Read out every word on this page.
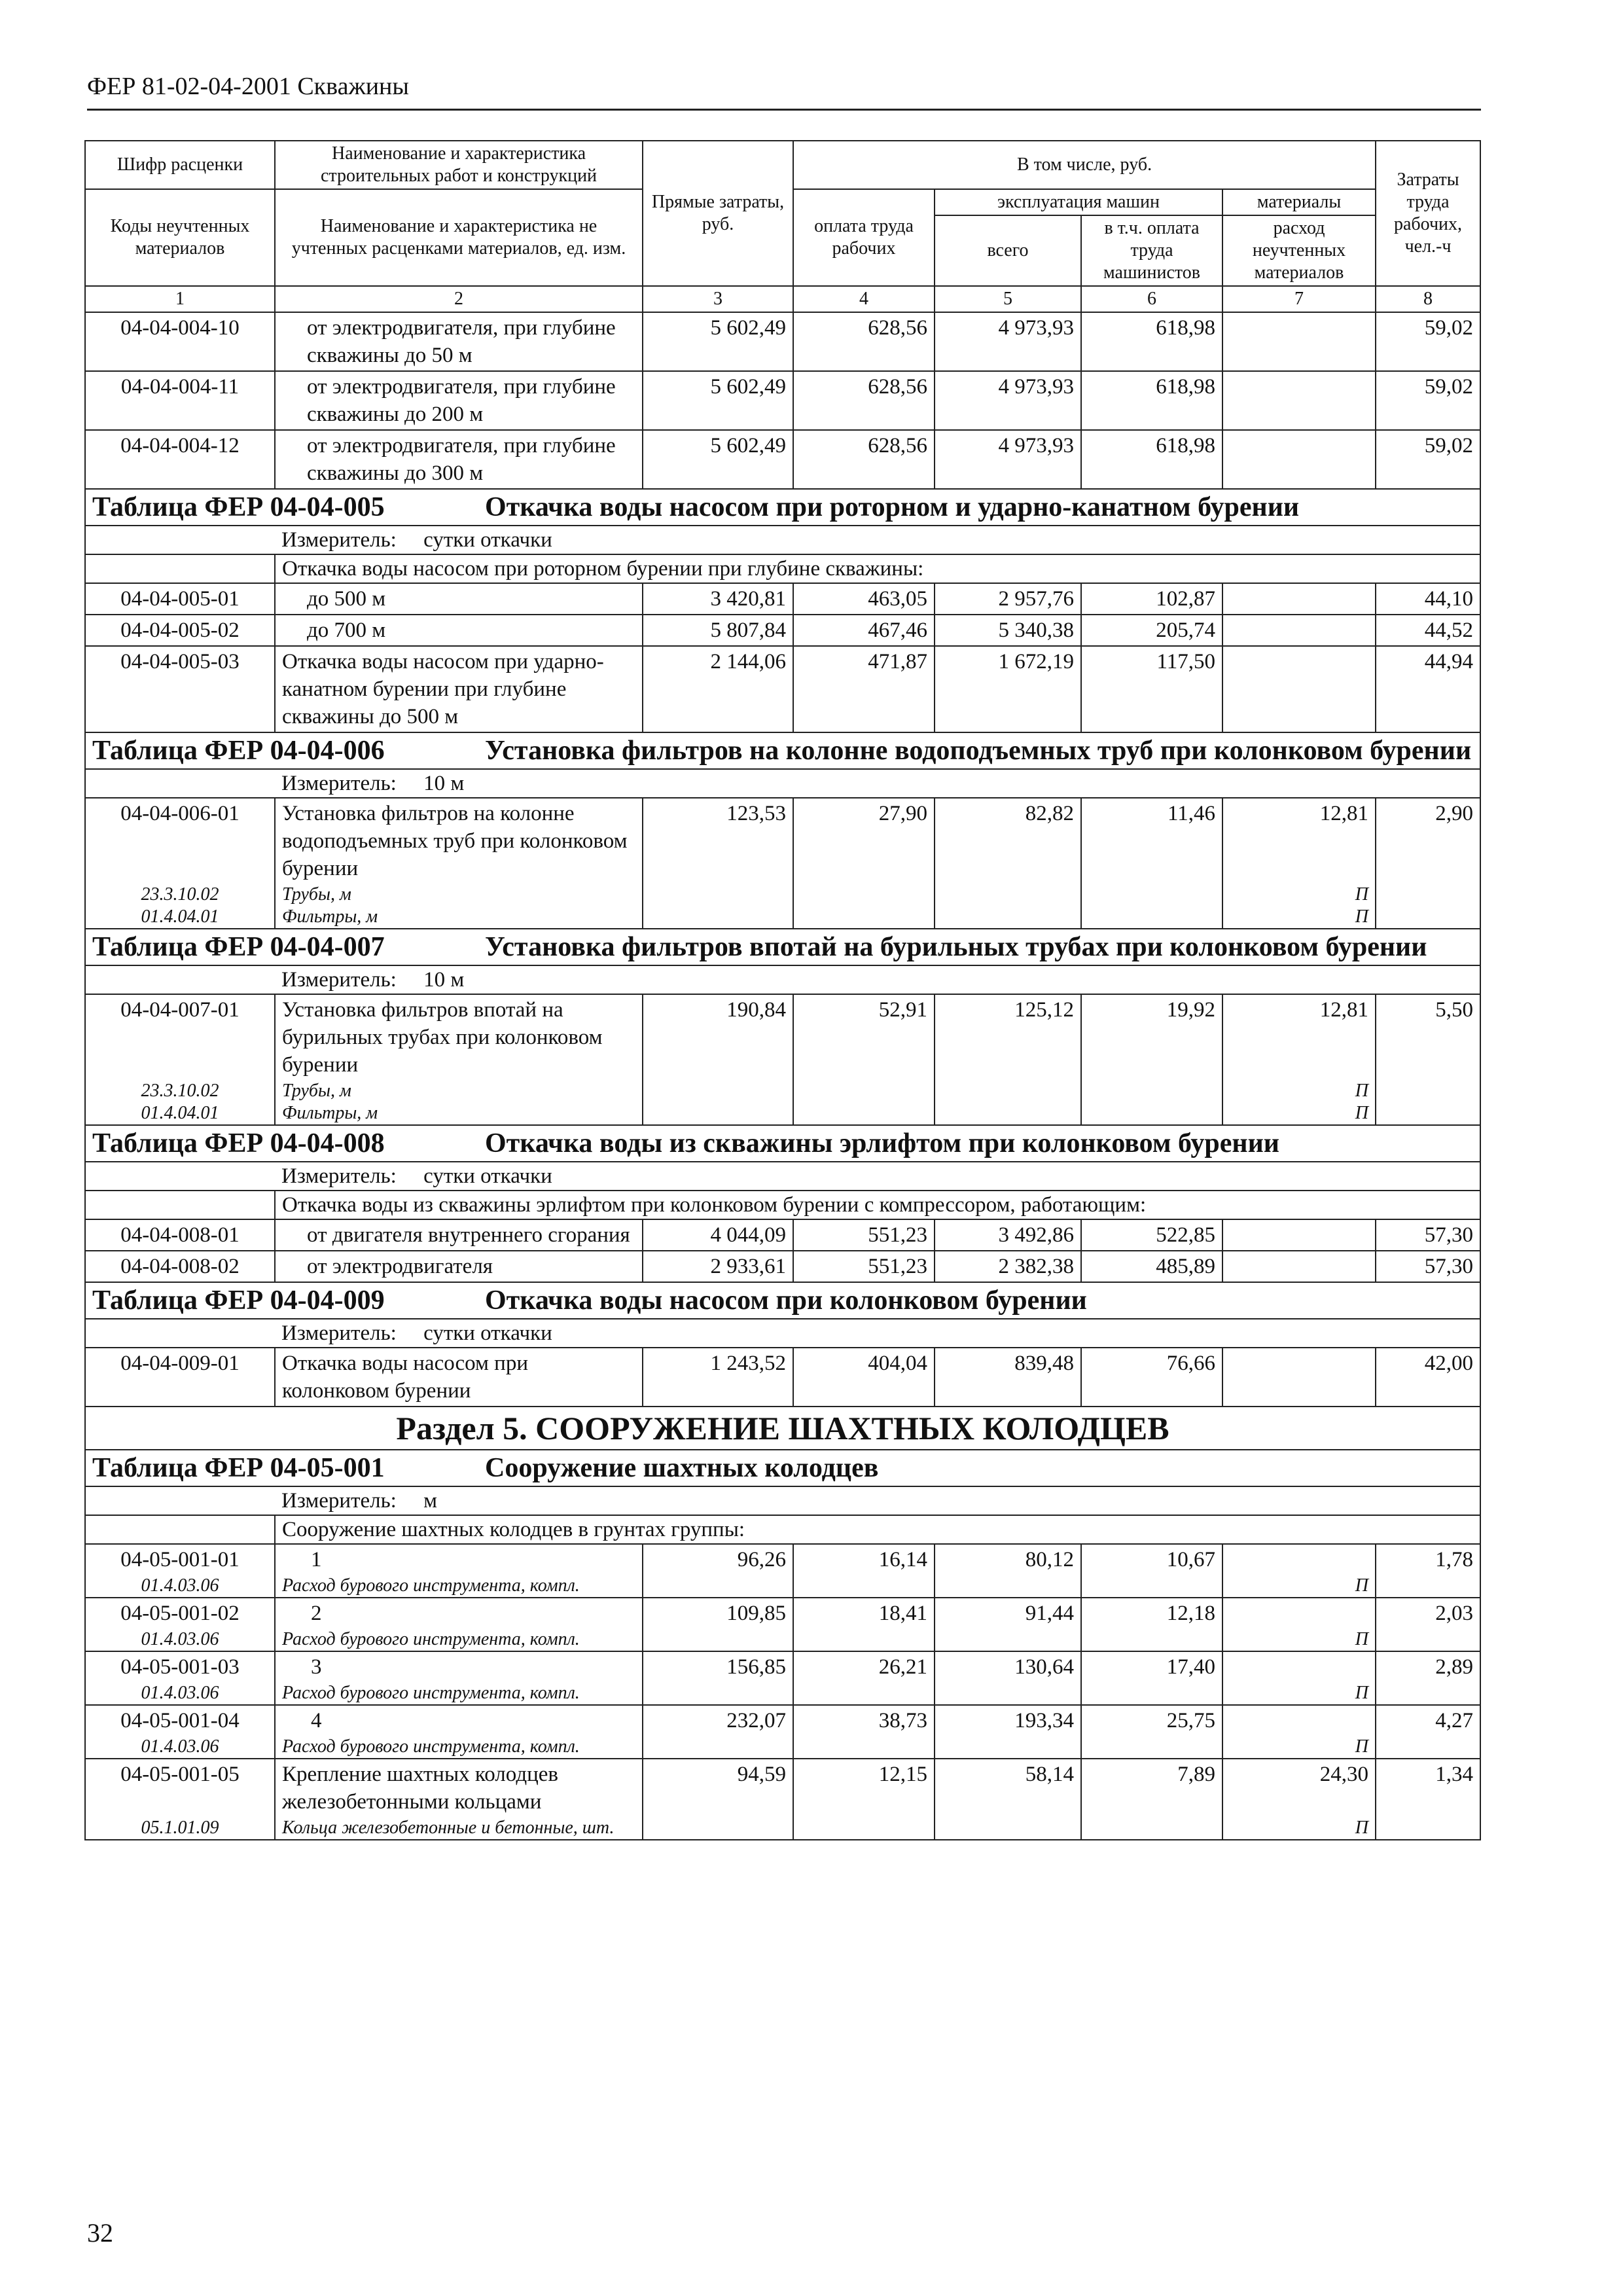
ФЕР 81-02-04-2001 Скважины
Шифр расценки	Наименование и характеристика строительных работ и конструкций	Прямые затраты, руб.	В том числе, руб.				Затраты труда рабочих, чел.-ч
Коды неучтенных материалов	Наименование и характеристика не учтенных расценками материалов, ед. изм.		оплата труда рабочих	эксплуатация машин		материалы	
				всего	в т.ч. оплата труда машинистов	расход неучтенных материалов	
1	2	3	4	5	6	7	8
04-04-004-10	от электродвигателя, при глубине скважины до 50 м	5 602,49	628,56	4 973,93	618,98		59,02
04-04-004-11	от электродвигателя, при глубине скважины до 200 м	5 602,49	628,56	4 973,93	618,98		59,02
04-04-004-12	от электродвигателя, при глубине скважины до 300 м	5 602,49	628,56	4 973,93	618,98		59,02
Таблица ФЕР 04-04-005 Откачка воды насосом при роторном и ударно-канатном бурении							
	Измеритель: сутки откачки						
	Откачка воды насосом при роторном бурении при глубине скважины:						
04-04-005-01	до 500 м	3 420,81	463,05	2 957,76	102,87		44,10
04-04-005-02	до 700 м	5 807,84	467,46	5 340,38	205,74		44,52
04-04-005-03	Откачка воды насосом при ударно-канатном бурении при глубине скважины до 500 м	2 144,06	471,87	1 672,19	117,50		44,94

Таблица ФЕР 04-04-006 Установка фильтров на колонне водоподъемных труб при колонковом бурении							

	Измеритель: 10 м						
04-04-006-01	Установка фильтров на колонне водоподъемных труб при колонковом бурении	123,53	27,90	82,82	11,46	12,81	2,90
23.3.10.02	Трубы, м					П	
01.4.04.01	Фильтры, м					П	

Таблица ФЕР 04-04-007 Установка фильтров впотай на бурильных трубах при колонковом бурении							

	Измеритель: 10 м						
04-04-007-01	Установка фильтров впотай на бурильных трубах при колонковом бурении	190,84	52,91	125,12	19,92	12,81	5,50
23.3.10.02	Трубы, м					П	
01.4.04.01	Фильтры, м					П	
Таблица ФЕР 04-04-008 Откачка воды из скважины эрлифтом при колонковом бурении							
	Измеритель: сутки откачки						
	Откачка воды из скважины эрлифтом при колонковом бурении с компрессором, работающим:						
04-04-008-01	от двигателя внутреннего сгорания	4 044,09	551,23	3 492,86	522,85		57,30
04-04-008-02	от электродвигателя	2 933,61	551,23	2 382,38	485,89		57,30
Таблица ФЕР 04-04-009 Откачка воды насосом при колонковом бурении							
	Измеритель: сутки откачки						
04-04-009-01	Откачка воды насосом при колонковом бурении	1 243,52	404,04	839,48	76,66		42,00
Раздел 5. СООРУЖЕНИЕ ШАХТНЫХ КОЛОДЦЕВ							
Таблица ФЕР 04-05-001 Сооружение шахтных колодцев							
	Измеритель: м						
	Сооружение шахтных колодцев в грунтах группы:						
04-05-001-01	1	96,26	16,14	80,12	10,67		1,78
01.4.03.06	Расход бурового инструмента, компл.					П	
04-05-001-02	2	109,85	18,41	91,44	12,18		2,03
01.4.03.06	Расход бурового инструмента, компл.					П	
04-05-001-03	3	156,85	26,21	130,64	17,40		2,89
01.4.03.06	Расход бурового инструмента, компл.					П	
04-05-001-04	4	232,07	38,73	193,34	25,75		4,27
01.4.03.06	Расход бурового инструмента, компл.					П	
04-05-001-05	Крепление шахтных колодцев железобетонными кольцами	94,59	12,15	58,14	7,89	24,30	1,34
05.1.01.09	Кольца железобетонные и бетонные, шт.					П	
32
